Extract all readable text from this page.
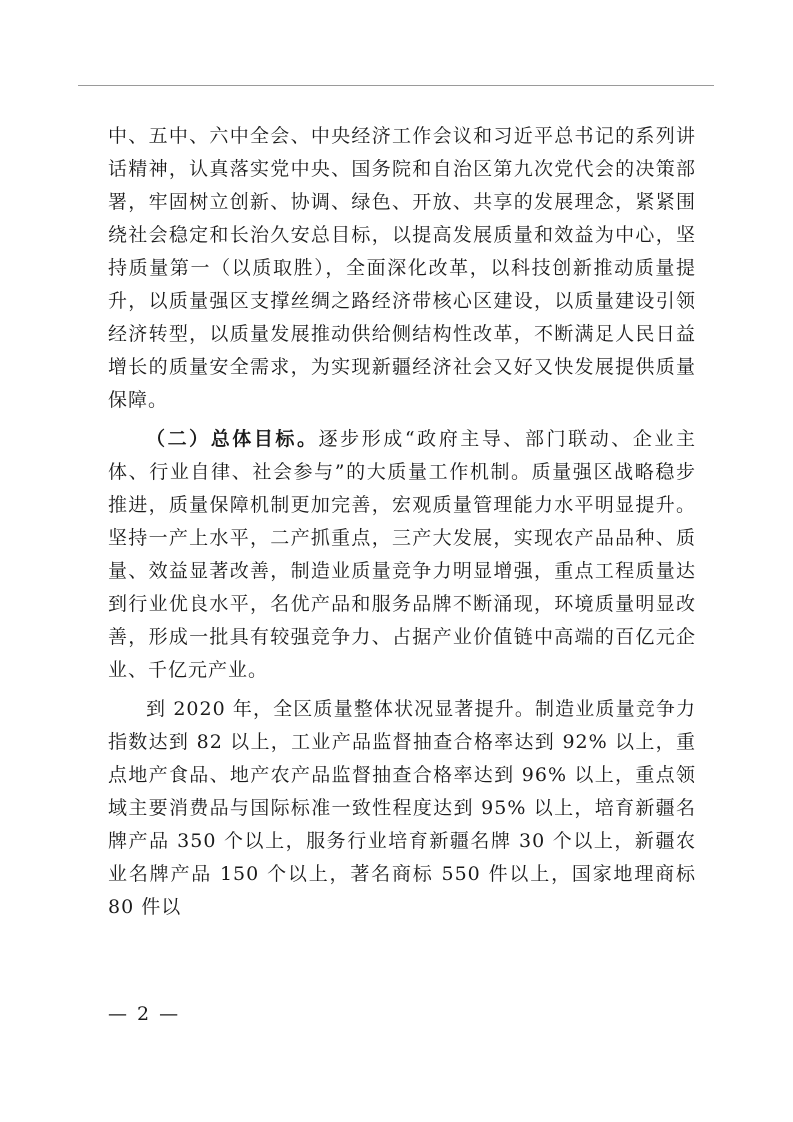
中、五中、六中全会、中央经济工作会议和习近平总书记的系列讲话精神，认真落实党中央、国务院和自治区第九次党代会的决策部署，牢固树立创新、协调、绿色、开放、共享的发展理念，紧紧围绕社会稳定和长治久安总目标，以提高发展质量和效益为中心，坚持质量第一（以质取胜），全面深化改革，以科技创新推动质量提升，以质量强区支撑丝绸之路经济带核心区建设，以质量建设引领经济转型，以质量发展推动供给侧结构性改革，不断满足人民日益增长的质量安全需求，为实现新疆经济社会又好又快发展提供质量保障。

（二）总体目标。逐步形成“政府主导、部门联动、企业主体、行业自律、社会参与”的大质量工作机制。质量强区战略稳步推进，质量保障机制更加完善，宏观质量管理能力水平明显提升。坚持一产上水平，二产抓重点，三产大发展，实现农产品品种、质量、效益显著改善，制造业质量竞争力明显增强，重点工程质量达到行业优良水平，名优产品和服务品牌不断涌现，环境质量明显改善，形成一批具有较强竞争力、占据产业价值链中高端的百亿元企业、千亿元产业。

到 2020 年，全区质量整体状况显著提升。制造业质量竞争力指数达到 82 以上，工业产品监督抽查合格率达到 92% 以上，重点地产食品、地产农产品监督抽查合格率达到 96% 以上，重点领域主要消费品与国际标准一致性程度达到 95% 以上，培育新疆名牌产品 350 个以上，服务行业培育新疆名牌 30 个以上，新疆农业名牌产品 150 个以上，著名商标 550 件以上，国家地理商标 80 件以

— 2 —
